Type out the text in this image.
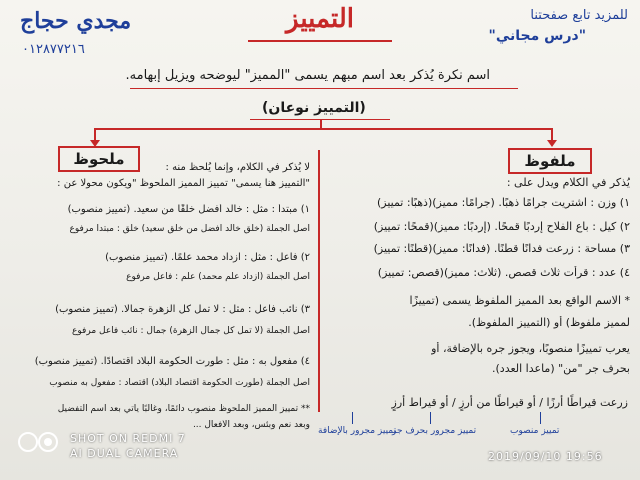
مجدي حجاج
٠١٢٨٧٧٢١٦
التمييز	للمزيد تابع صفحتنا
"درس مجاني"
اسم نكرة يُذكر بعد اسم مبهم يسمى "المميز" ليوضحه ويزيل إبهامه.
(التمييز نوعان)
ملحوظ	ملفوظ
يُذكر في الكلام ويدل على :
١) وزن : اشتريت جرامًا ذهبًا. (جرامًا: مميز)(ذهبًا: تمييز)
٢) كيل : باع الفلاح إردبًا قمحًا. (إردبًا: مميز)(قمحًا: تمييز)
٣) مساحة : زرعت فدانًا قطنًا. (فدانًا: مميز)(قطنًا: تمييز)
٤) عدد : قرأت ثلاث قصص. (ثلاث: مميز)(قصص: تمييز)
* الاسم الواقع بعد المميز الملفوظ يسمى (تمييزًا
لمميز ملفوظ) أو (التمييز الملفوظ).
يعرب تمييزًا منصوبًا، ويجوز جره بالإضافة، أو
بحرف جر "من" (ماعدا العدد).
لا يُذكر في الكلام، وإنما يُلحظ منه :
"التمييز هنا يسمى" تمييز المميز الملحوظ "ويكون محولًا عن :
١) مبتدأ : مثل : خالد أفضل خلقًا من سعيد. (تمييز منصوب)
أصل الجملة (خلق خالد أفضل من خلق سعيد) خلق : مبتدأ مرفوع
٢) فاعل : مثل : ازداد محمد علمًا. (تمييز منصوب)
أصل الجملة (ازداد علم محمد) علم : فاعل مرفوع
٣) نائب فاعل : مثل : لا تمل كل الزهرة جمالًا. (تمييز منصوب)
أصل الجملة (لا تمل كل جمال الزهرة) جمال : نائب فاعل مرفوع
٤) مفعول به : مثل : طورت الحكومة البلاد اقتصادًا. (تمييز منصوب)
أصل الجملة (طورت الحكومة اقتصاد البلاد) اقتصاد : مفعول به منصوب
** تمييز المميز الملحوظ منصوب دائمًا، وغالبًا يأتي بعد اسم التفضيل
وبعد نعم وبئس، وبعد الأفعال ...
زرعت قيراطًا أرزًا / أو قيراطًا من أرزٍ / أو قيراط أرزٍ
تمييز منصوب
تمييز مجرور بحرف جر
تمييز مجرور بالإضافة
SHOT ON REDMI 7
AI DUAL CAMERA	2019/09/10 19:56
